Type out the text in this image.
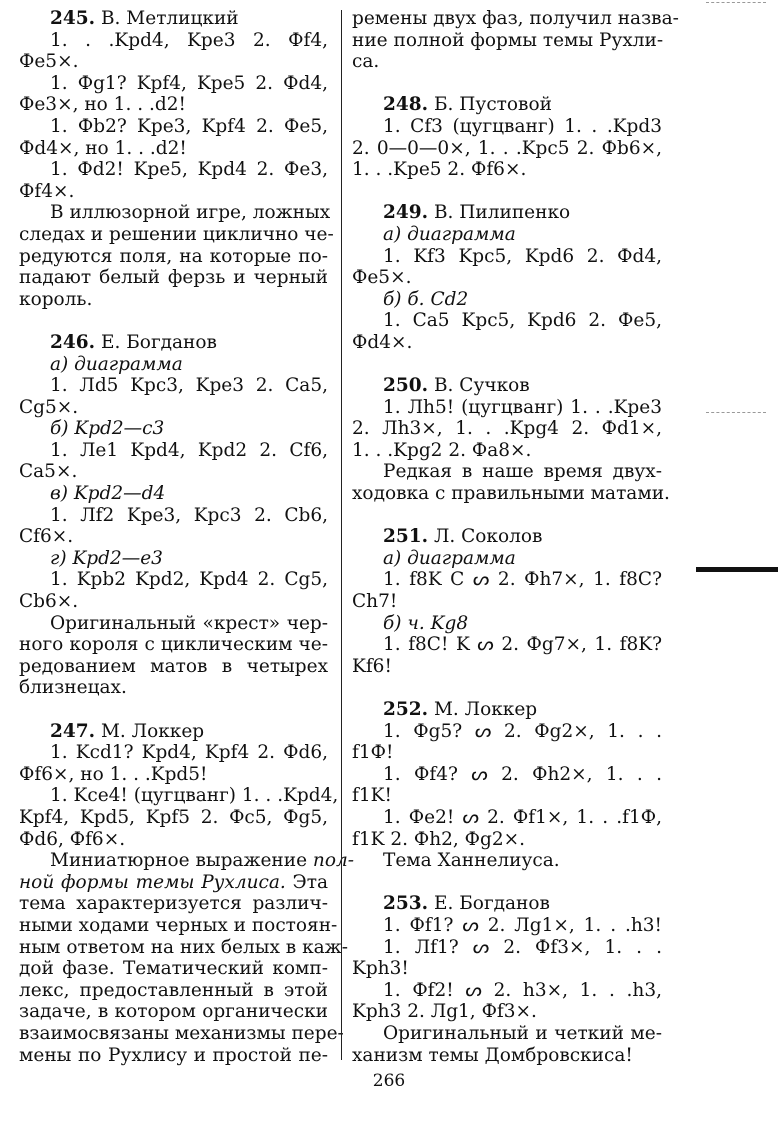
245. В. Метлицкий
1. . .Kpd4, Kpe3 2. Фf4,
Фe5×.
1. Фg1? Kpf4, Kpe5 2. Фd4,
Фe3×, но 1. . .d2!
1. Фb2? Kpe3, Kpf4 2. Фe5,
Фd4×, но 1. . .d2!
1. Фd2! Kpe5, Kpd4 2. Фe3,
Фf4×.
В иллюзорной игре, ложных
следах и решении циклично че-
редуются поля, на которые по-
падают белый ферзь и черный
король.
246. Е. Богданов
а) диаграмма
1. Лd5 Kpc3, Kpe3 2. Ca5,
Cg5×.
б) Kpd2—c3
1. Лe1 Kpd4, Kpd2 2. Cf6,
Ca5×.
в) Kpd2—d4
1. Лf2 Kpe3, Kpc3 2. Cb6,
Cf6×.
г) Kpd2—e3
1. Kpb2 Kpd2, Kpd4 2. Cg5,
Cb6×.
Оригинальный «крест» чер-
ного короля с циклическим че-
редованием матов в четырех
близнецах.
247. М. Локкер
1. Kcd1? Kpd4, Kpf4 2. Фd6,
Фf6×, но 1. . .Kpd5!
1. Kce4! (цугцванг) 1. . .Kpd4,
Kpf4, Kpd5, Kpf5 2. Фc5, Фg5,
Фd6, Фf6×.
Миниатюрное выражение пол-
ной формы темы Рухлиса. Эта
тема характеризуется различ-
ными ходами черных и постоян-
ным ответом на них белых в каж-
дой фазе. Тематический комп-
лекс, предоставленный в этой
задаче, в котором органически
взаимосвязаны механизмы пере-
мены по Рухлису и простой пе-
ремены двух фаз, получил назва-
ние полной формы темы Рухли-
са.
248. Б. Пустовой
1. Cf3 (цугцванг) 1. . .Kpd3
2. 0—0—0×, 1. . .Kpc5 2. Фb6×,
1. . .Kpe5 2. Фf6×.
249. В. Пилипенко
а) диаграмма
1. Kf3 Kpc5, Kpd6 2. Фd4,
Фe5×.
б) б. Cd2
1. Ca5 Kpc5, Kpd6 2. Фe5,
Фd4×.
250. В. Сучков
1. Лh5! (цугцванг) 1. . .Kpe3
2. Лh3×, 1. . .Kpg4 2. Фd1×,
1. . .Kpg2 2. Фa8×.
Редкая в наше время двух-
ходовка с правильными матами.
251. Л. Соколов
а) диаграмма
1. f8K C ᔕ 2. Фh7×, 1. f8C?
Ch7!
б) ч. Kg8
1. f8C! K ᔕ 2. Фg7×, 1. f8K?
Kf6!
252. М. Локкер
1. Фg5? ᔕ 2. Фg2×, 1. . .
f1Ф!
1. Фf4? ᔕ 2. Фh2×, 1. . .
f1K!
1. Фe2! ᔕ 2. Фf1×, 1. . .f1Ф,
f1K 2. Фh2, Фg2×.
Тема Ханнелиуса.
253. Е. Богданов
1. Фf1? ᔕ 2. Лg1×, 1. . .h3!
1. Лf1? ᔕ 2. Фf3×, 1. . .
Kph3!
1. Фf2! ᔕ 2. h3×, 1. . .h3,
Kph3 2. Лg1, Фf3×.
Оригинальный и четкий ме-
ханизм темы Домбровскиса!
266
